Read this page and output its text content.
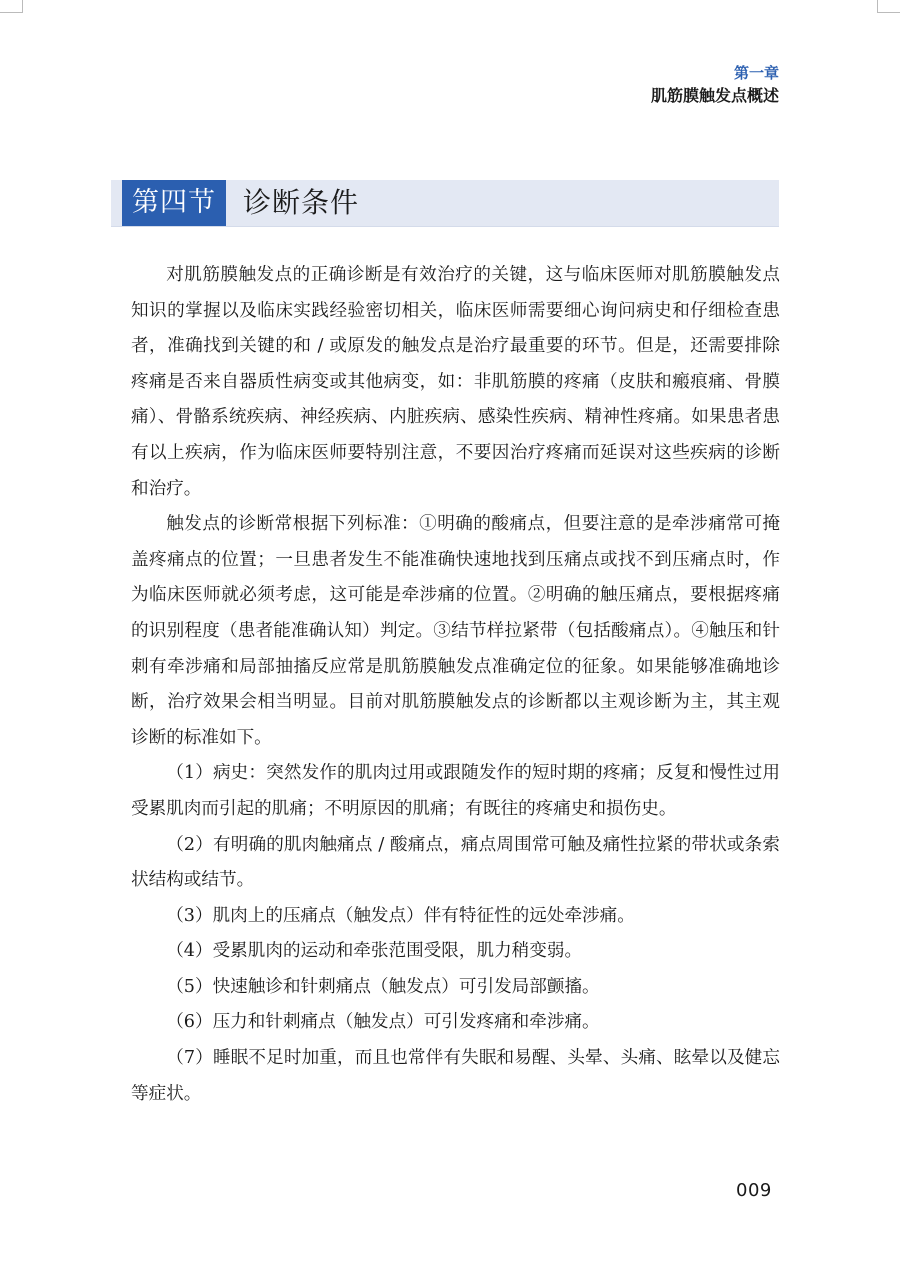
第一章
肌筋膜触发点概述
第四节 诊断条件

对肌筋膜触发点的正确诊断是有效治疗的关键，这与临床医师对肌筋膜触发点知识的掌握以及临床实践经验密切相关，临床医师需要细心询问病史和仔细检查患者，准确找到关键的和 / 或原发的触发点是治疗最重要的环节。但是，还需要排除疼痛是否来自器质性病变或其他病变，如：非肌筋膜的疼痛（皮肤和瘢痕痛、骨膜痛）、骨骼系统疾病、神经疾病、内脏疾病、感染性疾病、精神性疼痛。如果患者患有以上疾病，作为临床医师要特别注意，不要因治疗疼痛而延误对这些疾病的诊断和治疗。

触发点的诊断常根据下列标准：①明确的酸痛点，但要注意的是牵涉痛常可掩盖疼痛点的位置；一旦患者发生不能准确快速地找到压痛点或找不到压痛点时，作为临床医师就必须考虑，这可能是牵涉痛的位置。②明确的触压痛点，要根据疼痛的识别程度（患者能准确认知）判定。③结节样拉紧带（包括酸痛点）。④触压和针刺有牵涉痛和局部抽搐反应常是肌筋膜触发点准确定位的征象。如果能够准确地诊断，治疗效果会相当明显。目前对肌筋膜触发点的诊断都以主观诊断为主，其主观诊断的标准如下。

（1）病史：突然发作的肌肉过用或跟随发作的短时期的疼痛；反复和慢性过用受累肌肉而引起的肌痛；不明原因的肌痛；有既往的疼痛史和损伤史。

（2）有明确的肌肉触痛点 / 酸痛点，痛点周围常可触及痛性拉紧的带状或条索状结构或结节。

（3）肌肉上的压痛点（触发点）伴有特征性的远处牵涉痛。

（4）受累肌肉的运动和牵张范围受限，肌力稍变弱。

（5）快速触诊和针刺痛点（触发点）可引发局部颤搐。

（6）压力和针刺痛点（触发点）可引发疼痛和牵涉痛。

（7）睡眠不足时加重，而且也常伴有失眠和易醒、头晕、头痛、眩晕以及健忘等症状。

009
